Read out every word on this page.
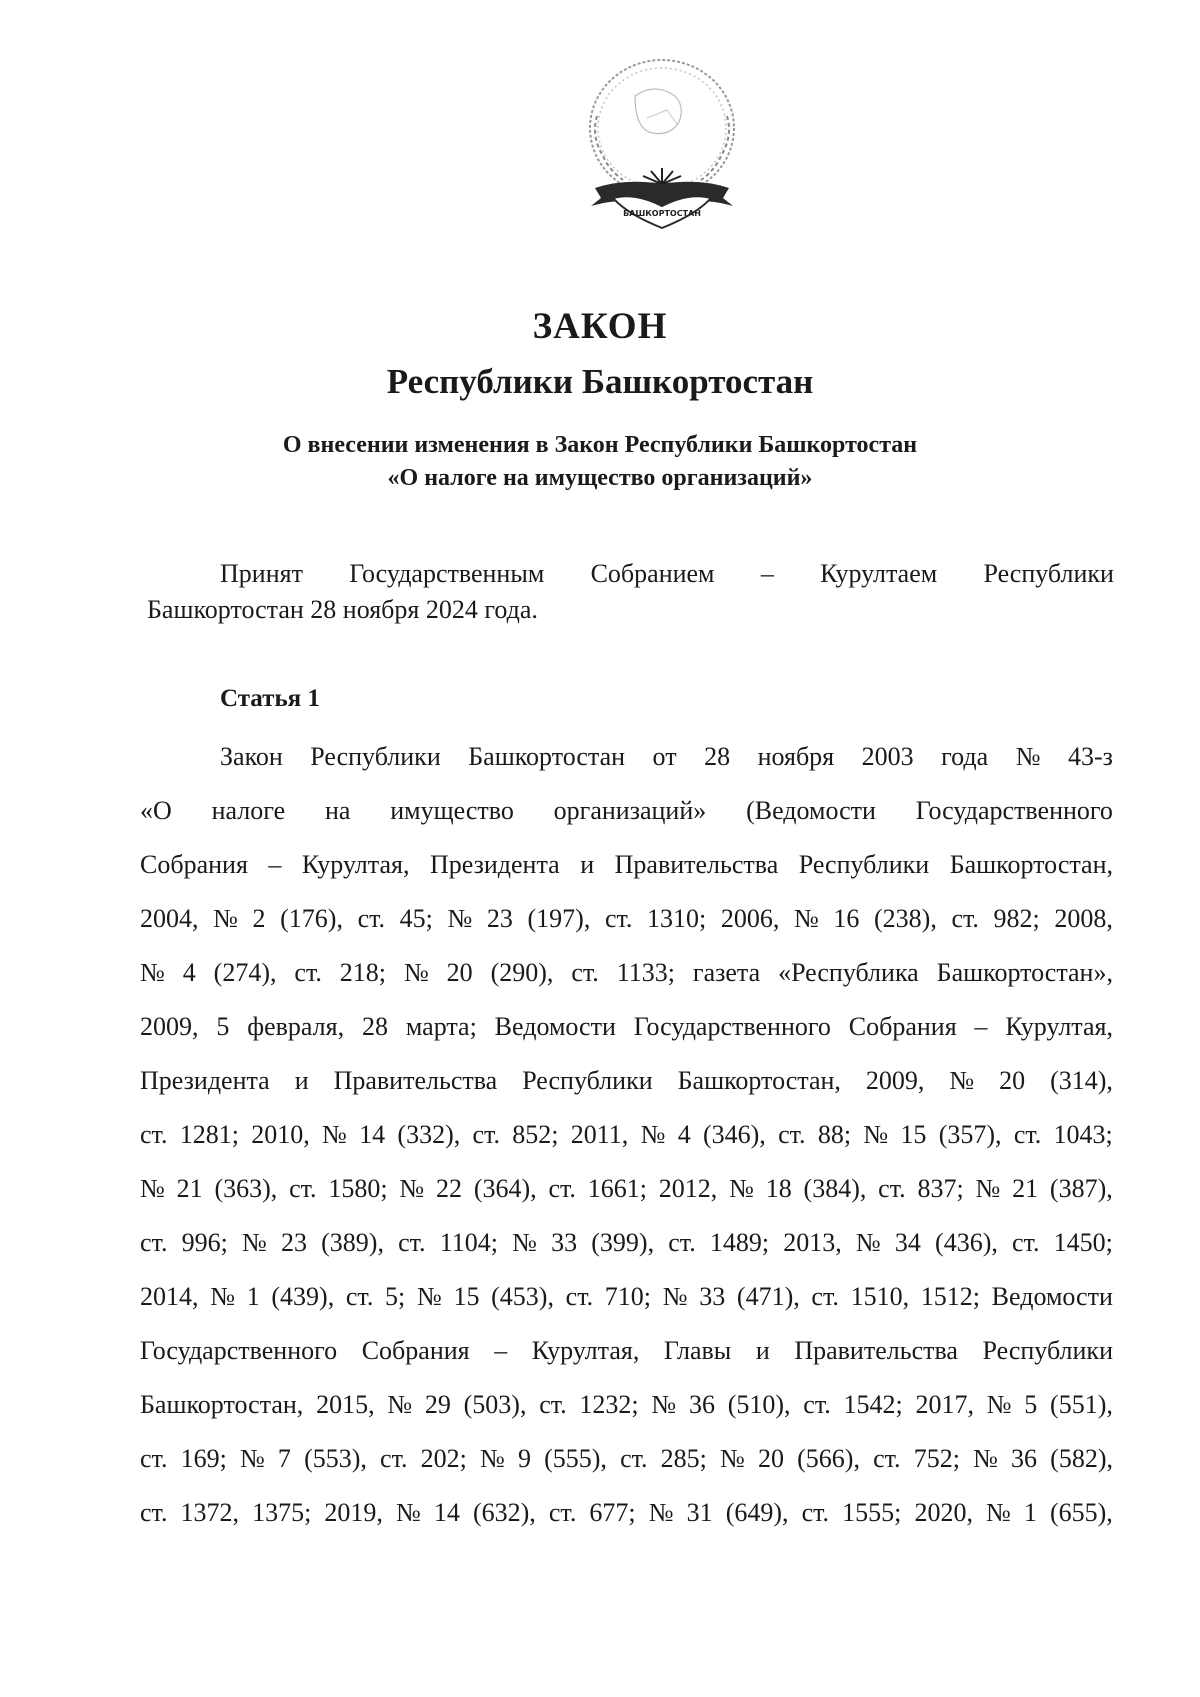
БАШКОРТОСТАН
ЗАКОН
Республики Башкортостан
О внесении изменения в Закон Республики Башкортостан
«О налоге на имущество организаций»
Принят Государственным Собранием – Курултаем Республики
Башкортостан 28 ноября 2024 года.
Статья 1
Закон Республики Башкортостан от 28 ноября 2003 года № 43-з
«О налоге на имущество организаций» (Ведомости Государственного
Собрания – Курултая, Президента и Правительства Республики Башкортостан,
2004, № 2 (176), ст. 45; № 23 (197), ст. 1310; 2006, № 16 (238), ст. 982; 2008,
№ 4 (274), ст. 218; № 20 (290), ст. 1133; газета «Республика Башкортостан»,
2009, 5 февраля, 28 марта; Ведомости Государственного Собрания – Курултая,
Президента и Правительства Республики Башкортостан, 2009, № 20 (314),
ст. 1281; 2010, № 14 (332), ст. 852; 2011, № 4 (346), ст. 88; № 15 (357), ст. 1043;
№ 21 (363), ст. 1580; № 22 (364), ст. 1661; 2012, № 18 (384), ст. 837; № 21 (387),
ст. 996; № 23 (389), ст. 1104; № 33 (399), ст. 1489; 2013, № 34 (436), ст. 1450;
2014, № 1 (439), ст. 5; № 15 (453), ст. 710; № 33 (471), ст. 1510, 1512; Ведомости
Государственного Собрания – Курултая, Главы и Правительства Республики
Башкортостан, 2015, № 29 (503), ст. 1232; № 36 (510), ст. 1542; 2017, № 5 (551),
ст. 169; № 7 (553), ст. 202; № 9 (555), ст. 285; № 20 (566), ст. 752; № 36 (582),
ст. 1372, 1375; 2019, № 14 (632), ст. 677; № 31 (649), ст. 1555; 2020, № 1 (655),
